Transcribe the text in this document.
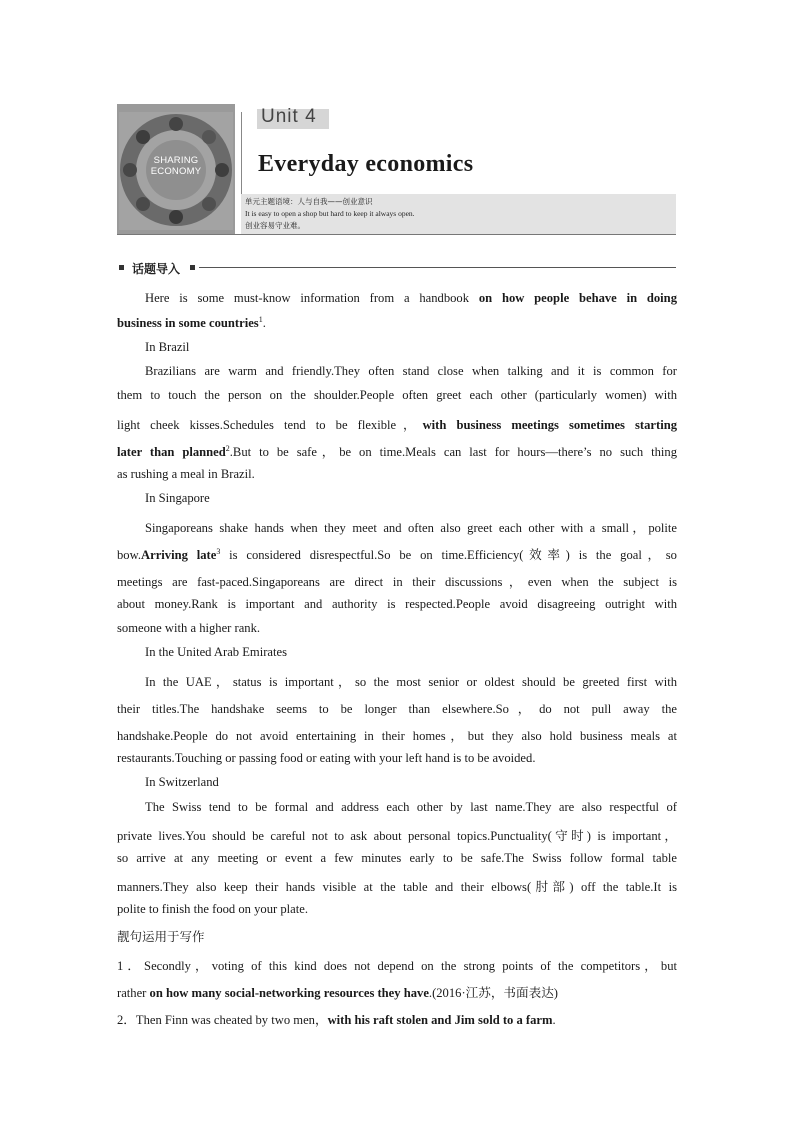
SHARING
ECONOMY
Unit 4
Everyday economics
单元主题语境：人与自我——创业意识
It is easy to open a shop but hard to keep it always open.
创业容易守业难。
话题导入
Here is some must-know information from a handbook on how people behave in doing
business in some countries$^1$.
In Brazil
Brazilians are warm and friendly.They often stand close when talking and it is common for
them to touch the person on the shoulder.People often greet each other (particularly women) with
light cheek kisses.Schedules tend to be flexible，with business meetings sometimes starting
later than planned$^2$.But to be safe，be on time.Meals can last for hours—there’s no such thing
as rushing a meal in Brazil.
In Singapore
Singaporeans shake hands when they meet and often also greet each other with a small，polite
bow.Arriving late$^3$ is considered disrespectful.So be on time.Efficiency(效率) is the goal，so
meetings are fast-paced.Singaporeans are direct in their discussions，even when the subject is
about money.Rank is important and authority is respected.People avoid disagreeing outright with
someone with a higher rank.
In the United Arab Emirates
In the UAE，status is important，so the most senior or oldest should be greeted first with
their titles.The handshake seems to be longer than elsewhere.So，do not pull away the
handshake.People do not avoid entertaining in their homes，but they also hold business meals at
restaurants.Touching or passing food or eating with your left hand is to be avoided.
In Switzerland
The Swiss tend to be formal and address each other by last name.They are also respectful of
private lives.You should be careful not to ask about personal topics.Punctuality(守时) is important，
so arrive at any meeting or event a few minutes early to be safe.The Swiss follow formal table
manners.They also keep their hands visible at the table and their elbows(肘部) off the table.It is
polite to finish the food on your plate.
靓句运用于写作
1．Secondly，voting of this kind does not depend on the strong points of the competitors，but
rather on how many social-networking resources they have.(2016·江苏，书面表达)
2．Then Finn was cheated by two men，with his raft stolen and Jim sold to a farm.
